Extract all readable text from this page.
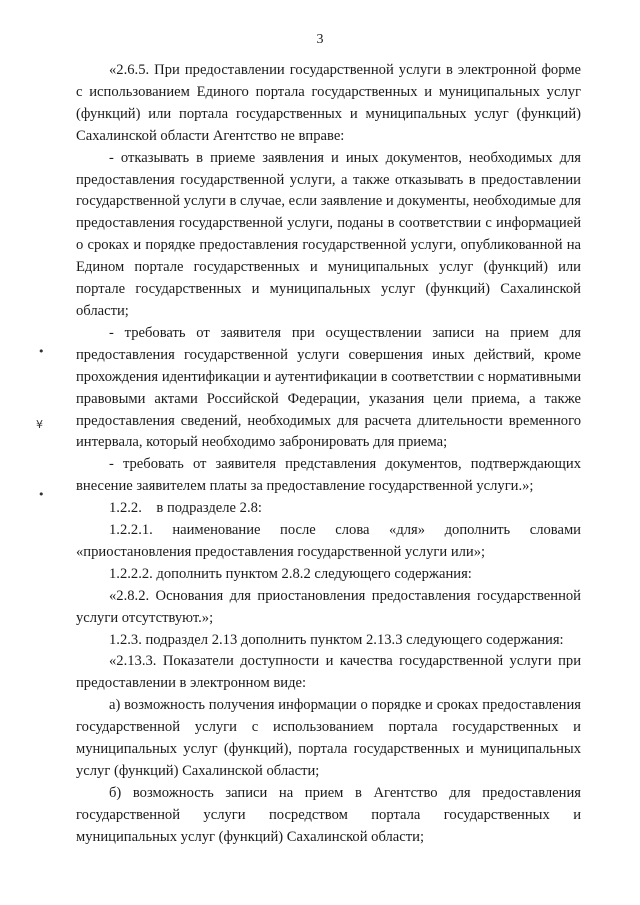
3
•
¥
•

«2.6.5. При предоставлении государственной услуги в электронной форме с использованием Единого портала государственных и муниципальных услуг (функций) или портала государственных и муниципальных услуг (функций) Сахалинской области Агентство не вправе:

- отказывать в приеме заявления и иных документов, необходимых для предоставления государственной услуги, а также отказывать в предоставлении государственной услуги в случае, если заявление и документы, необходимые для предоставления государственной услуги, поданы в соответствии с информацией о сроках и порядке предоставления государственной услуги, опубликованной на Едином портале государственных и муниципальных услуг (функций) или портале государственных и муниципальных услуг (функций) Сахалинской области;

- требовать от заявителя при осуществлении записи на прием для предоставления государственной услуги совершения иных действий, кроме прохождения идентификации и аутентификации в соответствии с нормативными правовыми актами Российской Федерации, указания цели приема, а также предоставления сведений, необходимых для расчета длительности временного интервала, который необходимо забронировать для приема;

- требовать от заявителя представления документов, подтверждающих внесение заявителем платы за предоставление государственной услуги.»;

1.2.2.    в подразделе 2.8:

1.2.2.1. наименование после слова «для» дополнить словами «приостановления предоставления государственной услуги или»;

1.2.2.2. дополнить пунктом 2.8.2 следующего содержания:

«2.8.2. Основания для приостановления предоставления государственной услуги отсутствуют.»;

1.2.3. подраздел 2.13 дополнить пунктом 2.13.3 следующего содержания:

«2.13.3. Показатели доступности и качества государственной услуги при предоставлении в электронном виде:

а) возможность получения информации о порядке и сроках предоставления государственной услуги с использованием портала государственных и муниципальных услуг (функций), портала государственных и муниципальных услуг (функций) Сахалинской области;

б) возможность записи на прием в Агентство для предоставления государственной услуги посредством портала государственных и муниципальных услуг (функций) Сахалинской области;
